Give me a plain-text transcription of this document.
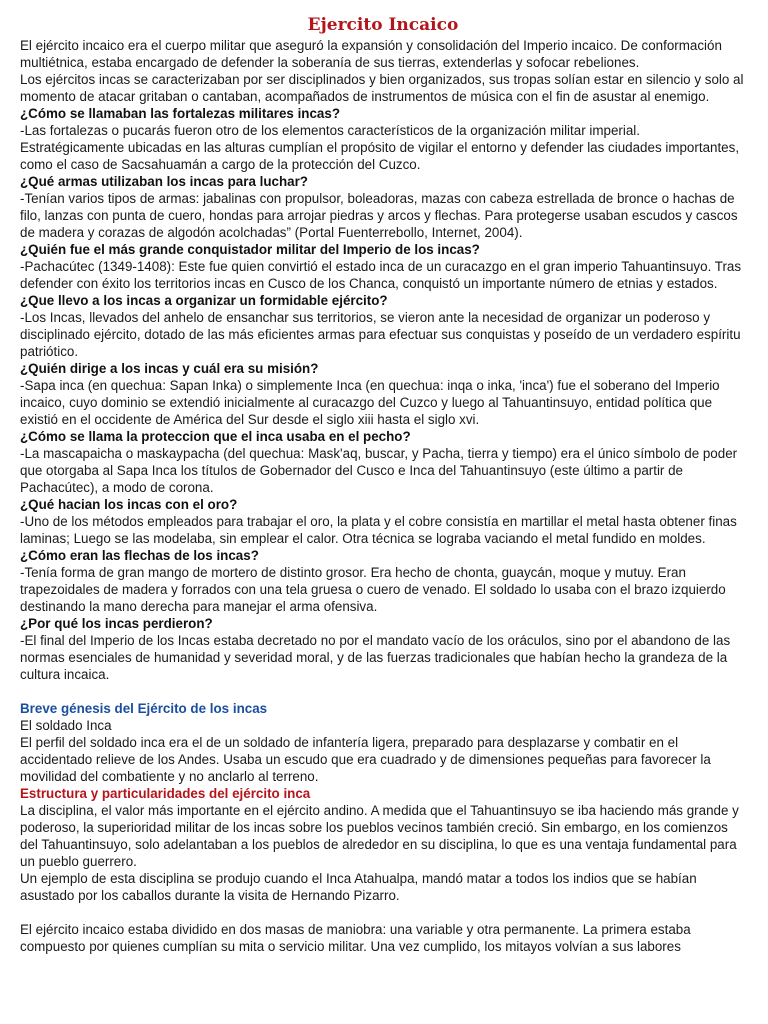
Ejercito Incaico

El ejército incaico era el cuerpo militar que aseguró la expansión y consolidación del Imperio incaico. De conformación multiétnica, estaba encargado de defender la soberanía de sus tierras, extenderlas y sofocar rebeliones.

Los ejércitos incas se caracterizaban por ser disciplinados y bien organizados, sus tropas solían estar en silencio y solo al momento de atacar gritaban o cantaban, acompañados de instrumentos de música con el fin de asustar al enemigo.

¿Cómo se llamaban las fortalezas militares incas?

-Las fortalezas o pucarás fueron otro de los elementos característicos de la organización militar imperial. Estratégicamente ubicadas en las alturas cumplían el propósito de vigilar el entorno y defender las ciudades importantes, como el caso de Sacsahuamán a cargo de la protección del Cuzco.

¿Qué armas utilizaban los incas para luchar?

-Tenían varios tipos de armas: jabalinas con propulsor, boleadoras, mazas con cabeza estrellada de bronce o hachas de filo, lanzas con punta de cuero, hondas para arrojar piedras y arcos y flechas. Para protegerse usaban escudos y cascos de madera y corazas de algodón acolchadas” (Portal Fuenterrebollo, Internet, 2004).

¿Quién fue el más grande conquistador militar del Imperio de los incas?

-Pachacútec (1349-1408): Este fue quien convirtió el estado inca de un curacazgo en el gran imperio Tahuantinsuyo. Tras defender con éxito los territorios incas en Cusco de los Chanca, conquistó un importante número de etnias y estados.

¿Que llevo a los incas a organizar un formidable ejército?

-Los Incas, llevados del anhelo de ensanchar sus territorios, se vieron ante la necesidad de organizar un poderoso y disciplinado ejército, dotado de las más eficientes armas para efectuar sus conquistas y poseído de un verdadero espíritu patriótico.

¿Quién dirige a los incas y cuál era su misión?

-Sapa inca (en quechua: Sapan Inka) o simplemente Inca (en quechua: inqa o inka, 'inca') fue el soberano del Imperio incaico, cuyo dominio se extendió inicialmente al curacazgo del Cuzco y luego al Tahuantinsuyo, entidad política que existió en el occidente de América del Sur desde el siglo xiii hasta el siglo xvi.

¿Cómo se llama la proteccion que el inca usaba en el pecho?

-La mascapaicha o maskaypacha (del quechua: Mask'aq, buscar, y Pacha, tierra y tiempo) era el único símbolo de poder que otorgaba al Sapa Inca los títulos de Gobernador del Cusco e Inca del Tahuantinsuyo (este último a partir de Pachacútec), a modo de corona.

¿Qué hacian los incas con el oro?

-Uno de los métodos empleados para trabajar el oro, la plata y el cobre consistía en martillar el metal hasta obtener finas laminas; Luego se las modelaba, sin emplear el calor. Otra técnica se lograba vaciando el metal fundido en moldes.

¿Cómo eran las flechas de los incas?

-Tenía forma de gran mango de mortero de distinto grosor. Era hecho de chonta, guaycán, moque y mutuy. Eran trapezoidales de madera y forrados con una tela gruesa o cuero de venado. El soldado lo usaba con el brazo izquierdo destinando la mano derecha para manejar el arma ofensiva.

¿Por qué los incas perdieron?

-El final del Imperio de los Incas estaba decretado no por el mandato vacío de los oráculos, sino por el abandono de las normas esenciales de humanidad y severidad moral, y de las fuerzas tradicionales que habían hecho la grandeza de la cultura incaica.

Breve génesis del Ejército de los incas

El soldado Inca

El perfil del soldado inca era el de un soldado de infantería ligera, preparado para desplazarse y combatir en el accidentado relieve de los Andes. Usaba un escudo que era cuadrado y de dimensiones pequeñas para favorecer la movilidad del combatiente y no anclarlo al terreno.

Estructura y particularidades del ejército inca

La disciplina, el valor más importante en el ejército andino. A medida que el Tahuantinsuyo se iba haciendo más grande y poderoso, la superioridad militar de los incas sobre los pueblos vecinos también creció. Sin embargo, en los comienzos del Tahuantinsuyo, solo adelantaban a los pueblos de alrededor en su disciplina, lo que es una ventaja fundamental para un pueblo guerrero.

Un ejemplo de esta disciplina se produjo cuando el Inca Atahualpa, mandó matar a todos los indios que se habían asustado por los caballos durante la visita de Hernando Pizarro.

El ejército incaico estaba dividido en dos masas de maniobra: una variable y otra permanente. La primera estaba compuesto por quienes cumplían su mita o servicio militar. Una vez cumplido, los mitayos volvían a sus labores
